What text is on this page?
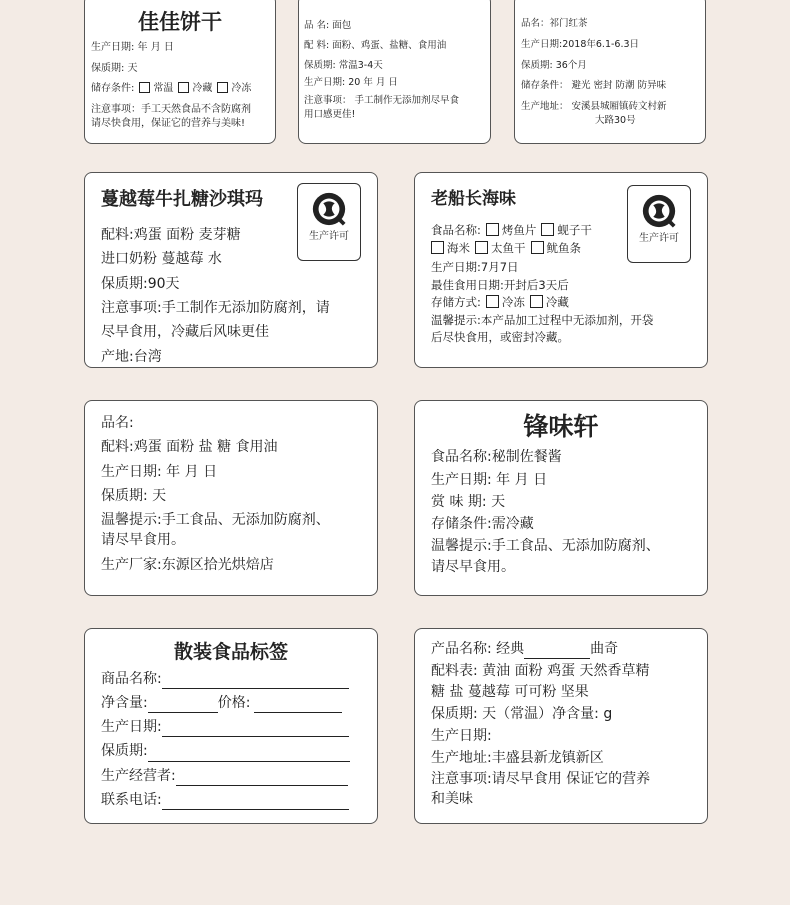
佳佳饼干
生产日期: 年 月 日
保质期: 天
储存条件: 常温 冷藏 冷冻
注意事项：手工天然食品不含防腐剂
请尽快食用，保证它的营养与美味!
品 名: 面包
配 料: 面粉、鸡蛋、盐糖、食用油
保质期: 常温3-4天
生产日期: 20 年 月 日
注意事项： 手工制作无添加剂尽早食
用口感更佳!
品名：祁门红茶
生产日期:2018年6.1-6.3日
保质期: 36个月
储存条件： 避光 密封 防潮 防异味
生产地址： 安溪县城厢镇砖文村新
大路30号
蔓越莓牛扎糖沙琪玛
配料:鸡蛋 面粉 麦芽糖
进口奶粉 蔓越莓 水
保质期:90天
注意事项:手工制作无添加防腐剂，请
尽早食用，冷藏后风味更佳
产地:台湾
生产许可
老船长海味
食品名称: 烤鱼片 蚬子干
海米 太鱼干 鱿鱼条
生产日期:7月7日
最佳食用日期:开封后3天后
存储方式: 冷冻 冷藏
温馨提示:本产品加工过程中无添加剂，开袋
后尽快食用，或密封冷藏。
生产许可
品名:
配料:鸡蛋 面粉 盐 糖 食用油
生产日期: 年 月 日
保质期: 天
温馨提示:手工食品、无添加防腐剂、
请尽早食用。
生产厂家:东源区拾光烘焙店
锋味轩
食品名称:秘制佐餐酱
生产日期: 年 月 日
赏 味 期: 天
存储条件:需冷藏
温馨提示:手工食品、无添加防腐剂、
请尽早食用。
散装食品标签
商品名称:
净含量:	价格:
生产日期:
保质期:
生产经营者:
联系电话:
产品名称: 经典	曲奇
配料表: 黄油 面粉 鸡蛋 天然香草精
糖 盐 蔓越莓 可可粉 坚果
保质期: 天（常温）净含量: g
生产日期:
生产地址:丰盛县新龙镇新区
注意事项:请尽早食用 保证它的营养
和美味
